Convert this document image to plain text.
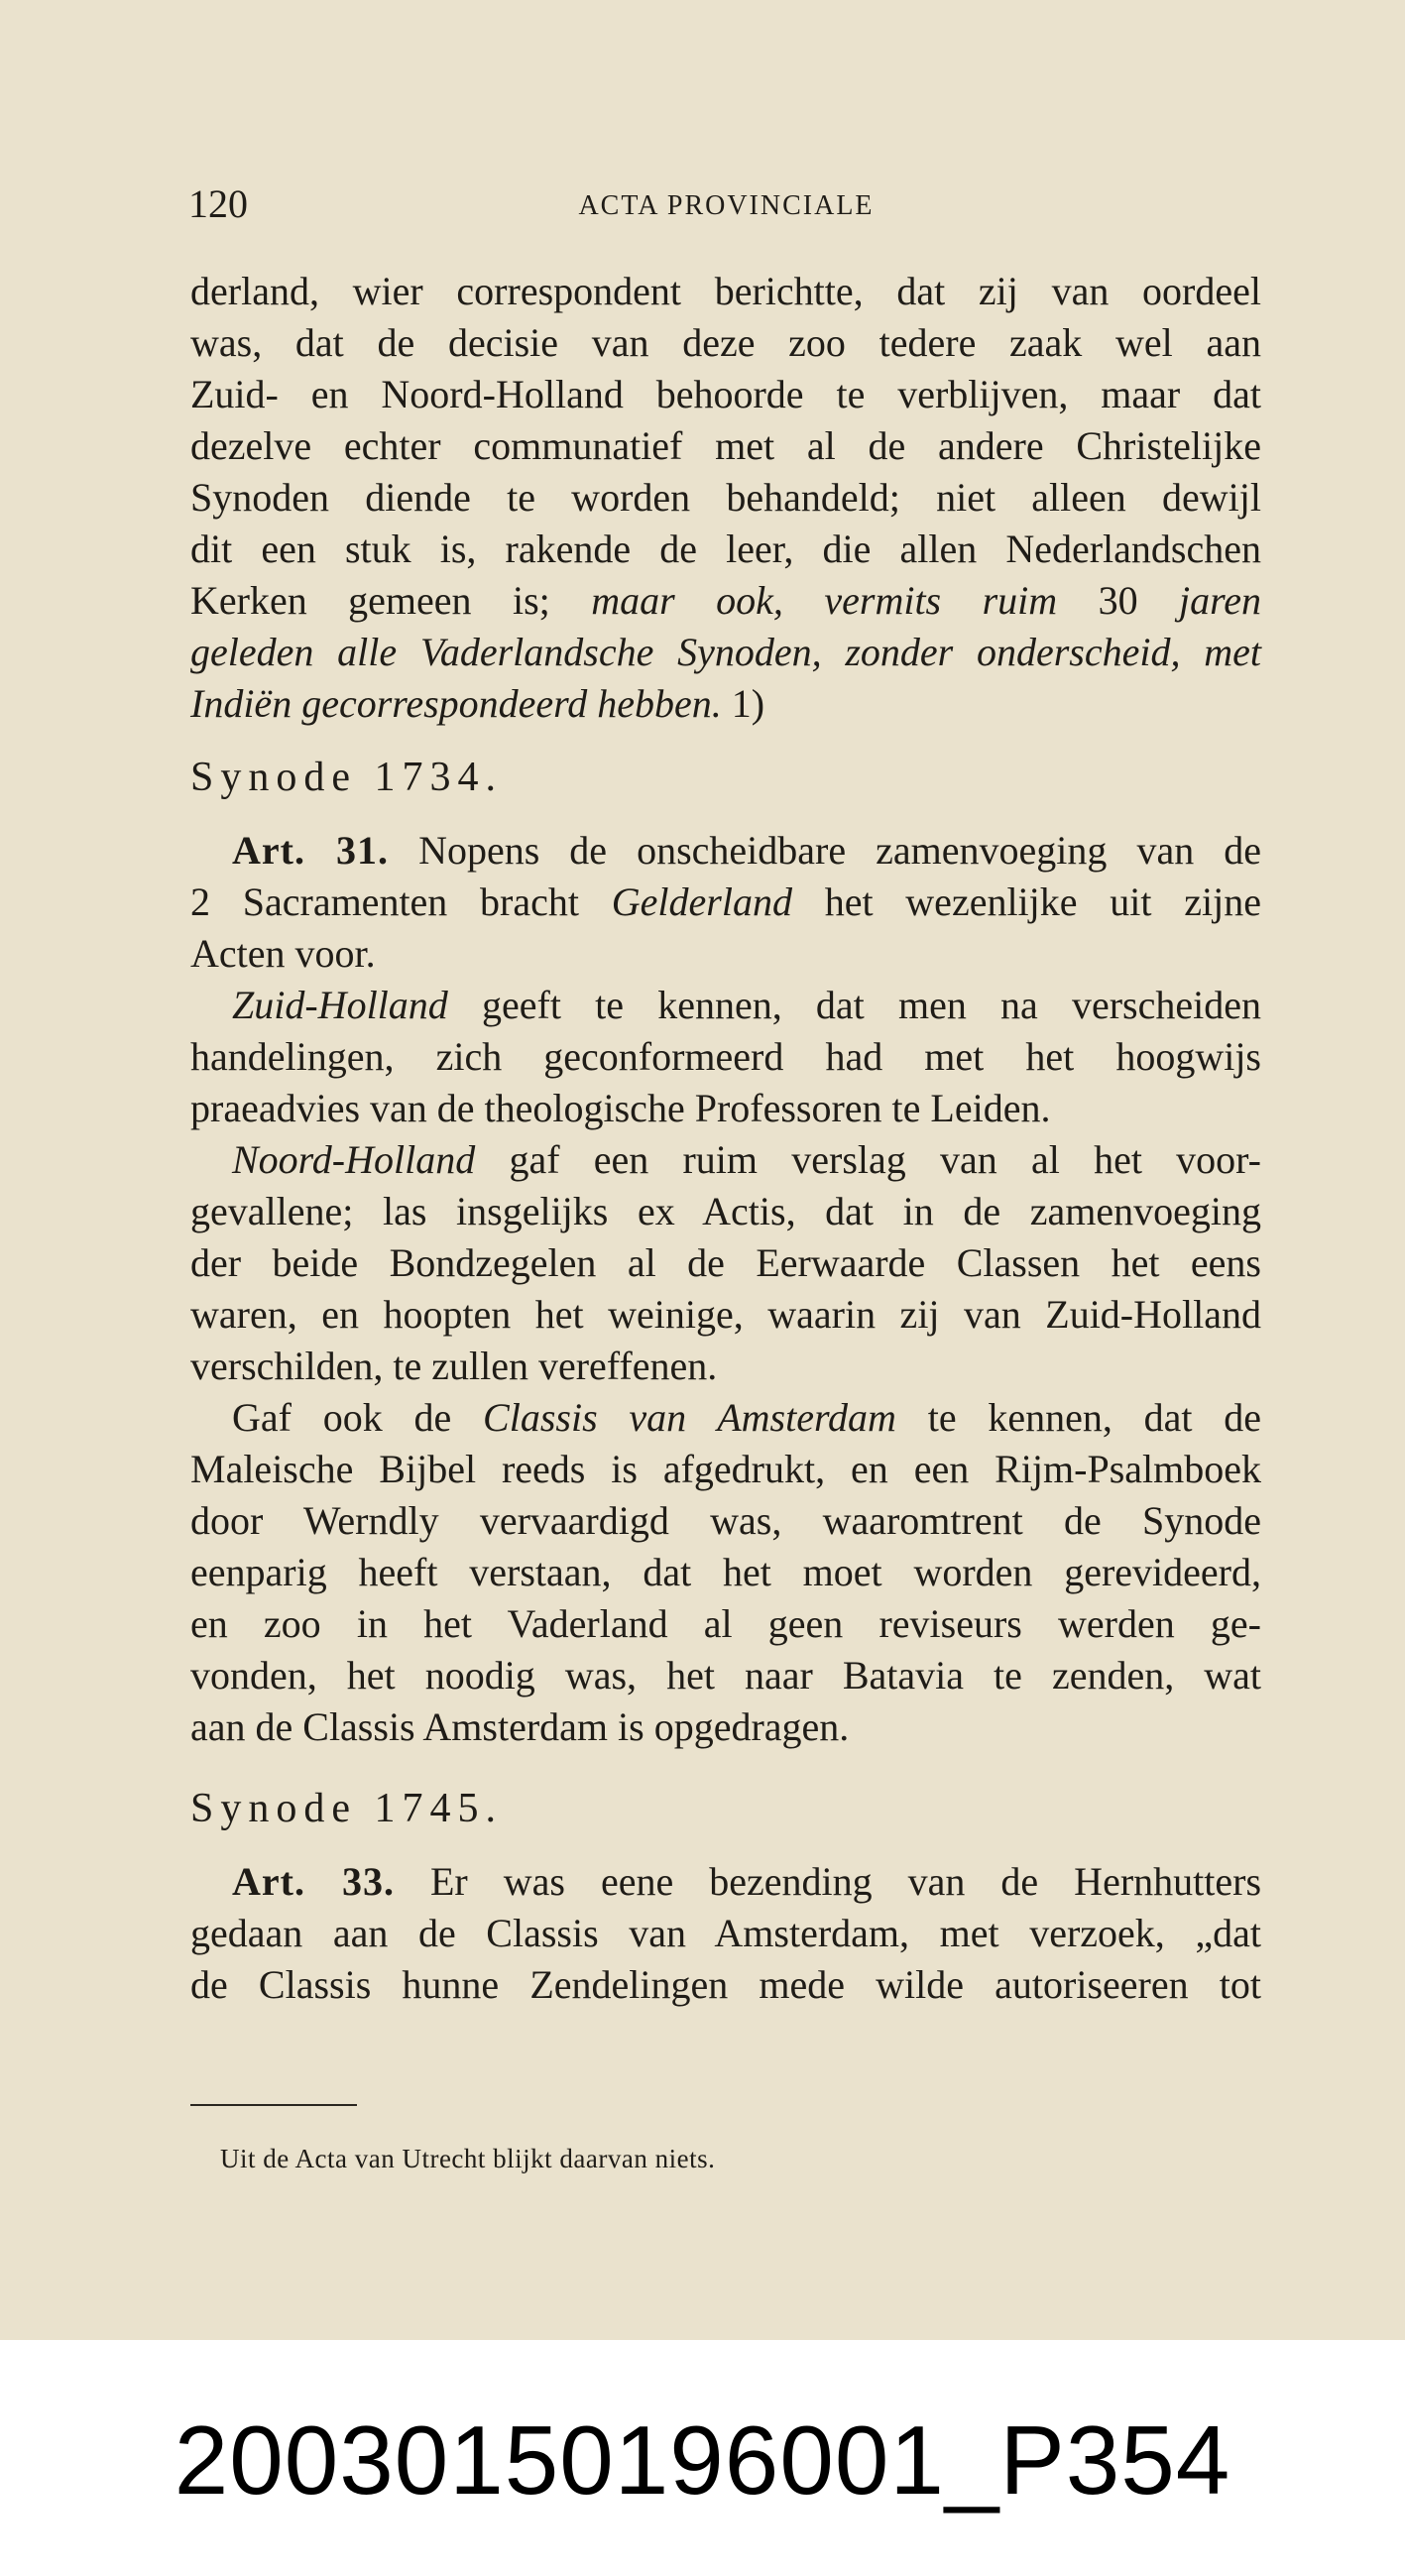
120	ACTA PROVINCIALE
derland, wier correspondent berichtte, dat zij van oordeel
was, dat de decisie van deze zoo tedere zaak wel aan
Zuid- en Noord-Holland behoorde te verblijven, maar dat
dezelve echter communatief met al de andere Christelijke
Synoden diende te worden behandeld; niet alleen dewijl
dit een stuk is, rakende de leer, die allen Nederlandschen
Kerken gemeen is; maar ook, vermits ruim 30 jaren
geleden alle Vaderlandsche Synoden, zonder onderscheid, met
Indiën gecorrespondeerd hebben. 1)
Synode 1734.
Art. 31. Nopens de onscheidbare zamenvoeging van de
2 Sacramenten bracht Gelderland het wezenlijke uit zijne
Acten voor.
Zuid-Holland geeft te kennen, dat men na verscheiden
handelingen, zich geconformeerd had met het hoogwijs
praeadvies van de theologische Professoren te Leiden.
Noord-Holland gaf een ruim verslag van al het voor-
gevallene; las insgelijks ex Actis, dat in de zamenvoeging
der beide Bondzegelen al de Eerwaarde Classen het eens
waren, en hoopten het weinige, waarin zij van Zuid-Holland
verschilden, te zullen vereffenen.
Gaf ook de Classis van Amsterdam te kennen, dat de
Maleische Bijbel reeds is afgedrukt, en een Rijm-Psalmboek
door Werndly vervaardigd was, waaromtrent de Synode
eenparig heeft verstaan, dat het moet worden gerevideerd,
en zoo in het Vaderland al geen reviseurs werden ge-
vonden, het noodig was, het naar Batavia te zenden, wat
aan de Classis Amsterdam is opgedragen.
Synode 1745.
Art. 33. Er was eene bezending van de Hernhutters
gedaan aan de Classis van Amsterdam, met verzoek, „dat
de Classis hunne Zendelingen mede wilde autoriseeren tot
Uit de Acta van Utrecht blijkt daarvan niets.
20030150196001_P354
